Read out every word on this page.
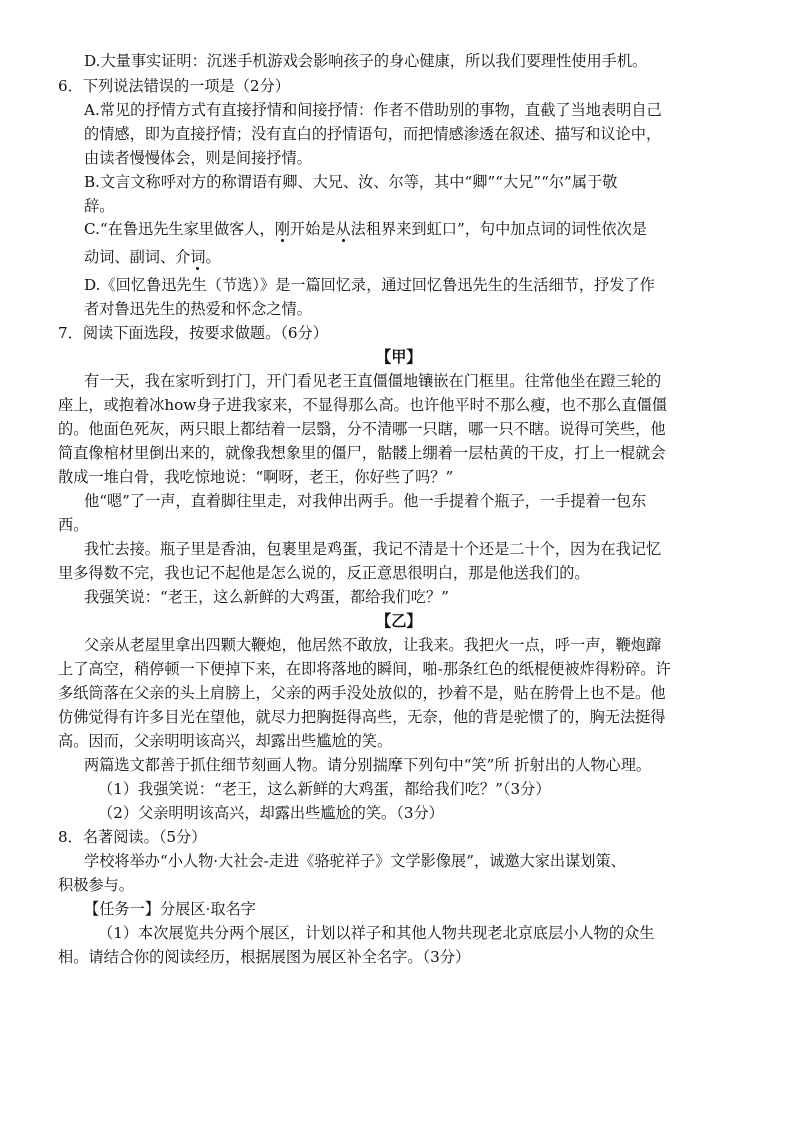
D.大量事实证明：沉迷手机游戏会影响孩子的身心健康，所以我们要理性使用手机。
6．下列说法错误的一项是（2分）
A.常见的抒情方式有直接抒情和间接抒情：作者不借助别的事物，直截了当地表明自己
的情感，即为直接抒情；没有直白的抒情语句，而把情感渗透在叙述、描写和议论中，
由读者慢慢体会，则是间接抒情。
B.文言文称呼对方的称谓语有卿、大兄、汝、尔等，其中“卿”“大兄”“尔”属于敬
辞。
C.“在鲁迅先生家里做客人，刚开始是从法租界来到虹口”，句中加点词的词性依次是
动词、副词、介词。
D.《回忆鲁迅先生（节选）》是一篇回忆录，通过回忆鲁迅先生的生活细节，抒发了作
者对鲁迅先生的热爱和怀念之情。
7．阅读下面选段，按要求做题。（6分）
【甲】
有一天，我在家听到打门，开门看见老王直僵僵地镶嵌在门框里。往常他坐在蹬三轮的
座上，或抱着冰how身子进我家来，不显得那么高。也许他平时不那么瘦，也不那么直僵僵
的。他面色死灰，两只眼上都结着一层翳，分不清哪一只瞎，哪一只不瞎。说得可笑些，他
简直像棺材里倒出来的，就像我想象里的僵尸，骷髅上绷着一层枯黄的干皮，打上一棍就会
散成一堆白骨，我吃惊地说：“啊呀，老王，你好些了吗？”
他“嗯”了一声，直着脚往里走，对我伸出两手。他一手提着个瓶子，一手提着一包东
西。
我忙去接。瓶子里是香油，包裹里是鸡蛋，我记不清是十个还是二十个，因为在我记忆
里多得数不完，我也记不起他是怎么说的，反正意思很明白，那是他送我们的。
我强笑说：“老王，这么新鲜的大鸡蛋，都给我们吃？”
【乙】
父亲从老屋里拿出四颗大鞭炮，他居然不敢放，让我来。我把火一点，呼一声，鞭炮蹿
上了高空，稍停顿一下便掉下来，在即将落地的瞬间，啪-那条红色的纸棍便被炸得粉碎。许
多纸筒落在父亲的头上肩膀上，父亲的两手没处放似的，抄着不是，贴在胯骨上也不是。他
仿佛觉得有许多目光在望他，就尽力把胸挺得高些，无奈，他的背是驼惯了的，胸无法挺得
高。因而，父亲明明该高兴，却露出些尴尬的笑。
两篇选文都善于抓住细节刻画人物。请分别揣摩下列句中“笑”所 折射出的人物心理。
（1）我强笑说：“老王，这么新鲜的大鸡蛋，都给我们吃？”（3分）
（2）父亲明明该高兴，却露出些尴尬的笑。（3分）
8．名著阅读。（5分）
学校将举办“小人物·大社会-走进《骆驼祥子》文学影像展”，诚邀大家出谋划策、
积极参与。
【任务一】分展区·取名字
（1）本次展览共分两个展区，计划以祥子和其他人物共现老北京底层小人物的众生
相。请结合你的阅读经历，根据展图为展区补全名字。（3分）
